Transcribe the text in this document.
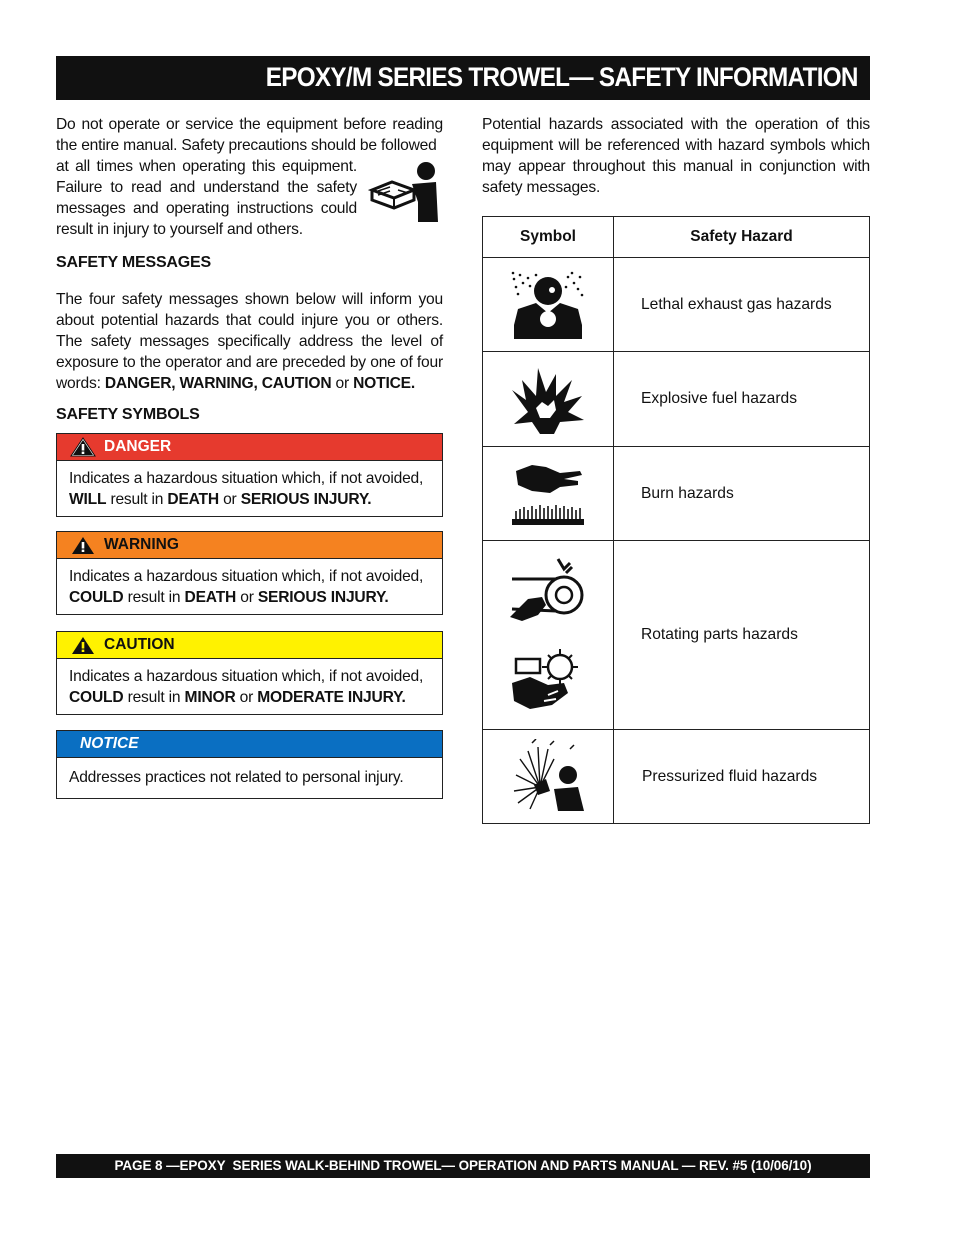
EPOXY/M SERIES TROWEL— SAFETY INFORMATION
Do not operate or service the equipment before reading the entire manual. Safety precautions should be followed
at all times when operating this equipment. Failure to read and understand the safety messages and operating instructions could result in injury to yourself and others.
SAFETY MESSAGES
The four safety messages shown below will inform you about potential hazards that could injure you or others. The safety messages specifically address the level of exposure to the operator and are preceded by one of four words: DANGER, WARNING, CAUTION or NOTICE.
SAFETY SYMBOLS
DANGER
Indicates a hazardous situation which, if not avoided, WILL result in DEATH or SERIOUS INJURY.
WARNING
Indicates a hazardous situation which, if not avoided, COULD result in DEATH or SERIOUS INJURY.
CAUTION
Indicates a hazardous situation which, if not avoided, COULD result in MINOR or MODERATE INJURY.
NOTICE
Addresses practices not related to personal injury.
Potential hazards associated with the operation of this equipment will be referenced with hazard symbols which may appear throughout this manual in conjunction with safety messages.
Symbol	Safety Hazard

	Lethal exhaust gas hazards

	Explosive fuel hazards

	Burn hazards

	Rotating parts hazards

	Pressurized fluid hazards
PAGE 8 —EPOXY  SERIES WALK-BEHIND TROWEL— OPERATION AND PARTS MANUAL — REV. #5 (10/06/10)
